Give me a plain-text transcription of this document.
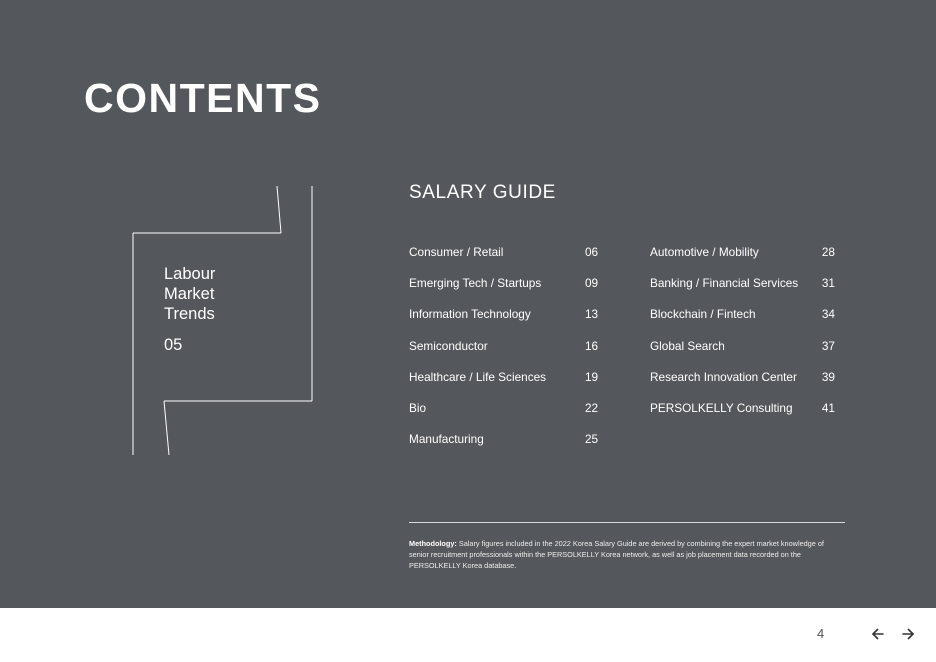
CONTENTS
Labour
Market
Trends
05
SALARY GUIDE
Consumer / Retail	06
Emerging Tech / Startups	09
Information Technology	13
Semiconductor	16
Healthcare / Life Sciences	19
Bio	22
Manufacturing	25
Automotive / Mobility	28
Banking / Financial Services 31
Blockchain / Fintech	34
Global Search	37
Research Innovation Center 39
PERSOLKELLY Consulting 41
Methodology: Salary figures included in the 2022 Korea Salary Guide are derived by combining the expert market knowledge of senior recruitment professionals within the PERSOLKELLY Korea network, as well as job placement data recorded on the PERSOLKELLY Korea database.
4
